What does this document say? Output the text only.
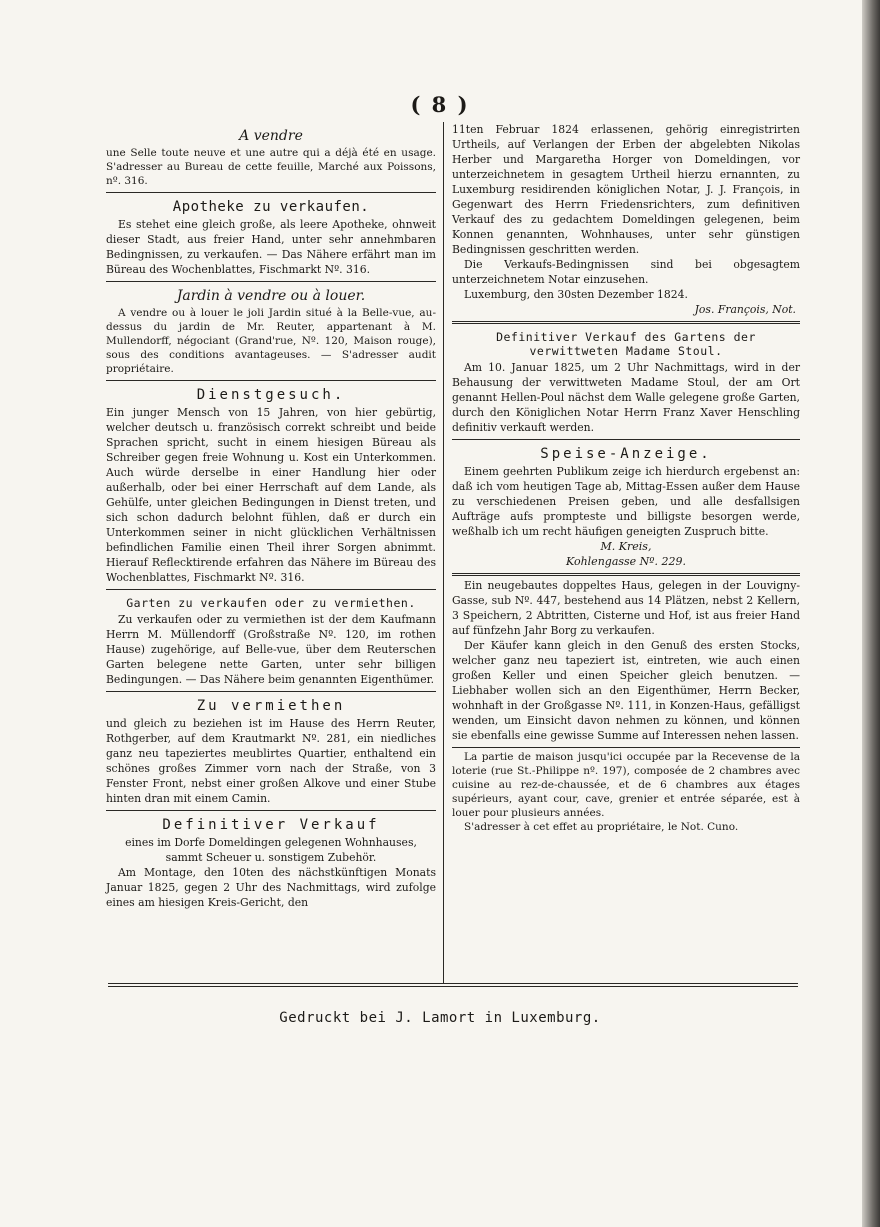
( 8 )
A vendre

une Selle toute neuve et une autre qui a déjà été en usage. S'adresser au Bureau de cette feuille, Marché aux Poissons, nº. 316.

Apotheke zu verkaufen.

Es stehet eine gleich große, als leere Apotheke, ohnweit dieser Stadt, aus freier Hand, unter sehr annehmbaren Bedingnissen, zu verkaufen. — Das Nähere erfährt man im Büreau des Wochenblattes, Fischmarkt Nº. 316.

Jardin à vendre ou à louer.

A vendre ou à louer le joli Jardin situé à la Belle-vue, au-dessus du jardin de Mr. Reuter, appartenant à M. Mullendorff, négociant (Grand'rue, Nº. 120, Maison rouge), sous des conditions avantageuses. — S'adresser audit propriétaire.

Dienstgesuch.

Ein junger Mensch von 15 Jahren, von hier gebürtig, welcher deutsch u. französisch correkt schreibt und beide Sprachen spricht, sucht in einem hiesigen Büreau als Schreiber gegen freie Wohnung u. Kost ein Unterkommen. Auch würde derselbe in einer Handlung hier oder außerhalb, oder bei einer Herrschaft auf dem Lande, als Gehülfe, unter gleichen Bedingungen in Dienst treten, und sich schon dadurch belohnt fühlen, daß er durch ein Unterkommen seiner in nicht glücklichen Verhältnissen befindlichen Familie einen Theil ihrer Sorgen abnimmt. Hierauf Reflecktirende erfahren das Nähere im Büreau des Wochenblattes, Fischmarkt Nº. 316.

Garten zu verkaufen oder zu vermiethen.

Zu verkaufen oder zu vermiethen ist der dem Kaufmann Herrn M. Müllendorff (Großstraße Nº. 120, im rothen Hause) zugehörige, auf Belle-vue, über dem Reuterschen Garten belegene nette Garten, unter sehr billigen Bedingungen. — Das Nähere beim genannten Eigenthümer.

Zu vermiethen

und gleich zu beziehen ist im Hause des Herrn Reuter, Rothgerber, auf dem Krautmarkt Nº. 281, ein niedliches ganz neu tapeziertes meublirtes Quartier, enthaltend ein schönes großes Zimmer vorn nach der Straße, von 3 Fenster Front, nebst einer großen Alkove und einer Stube hinten dran mit einem Camin.

Definitiver Verkauf

eines im Dorfe Domeldingen gelegenen Wohnhauses, sammt Scheuer u. sonstigem Zubehör.

Am Montage, den 10ten des nächstkünftigen Monats Januar 1825, gegen 2 Uhr des Nachmittags, wird zufolge eines am hiesigen Kreis-Gericht, den

11ten Februar 1824 erlassenen, gehörig einregistrirten Urtheils, auf Verlangen der Erben der abgelebten Nikolas Herber und Margaretha Horger von Domeldingen, vor unterzeichnetem in gesagtem Urtheil hierzu ernannten, zu Luxemburg residirenden königlichen Notar, J. J. François, in Gegenwart des Herrn Friedensrichters, zum definitiven Verkauf des zu gedachtem Domeldingen gelegenen, beim Konnen genannten, Wohnhauses, unter sehr günstigen Bedingnissen geschritten werden.

Die Verkaufs-Bedingnissen sind bei obgesagtem unterzeichnetem Notar einzusehen.

Luxemburg, den 30sten Dezember 1824.

Jos. François, Not.
Definitiver Verkauf des Gartens der verwittweten Madame Stoul.

Am 10. Januar 1825, um 2 Uhr Nachmittags, wird in der Behausung der verwittweten Madame Stoul, der am Ort genannt Hellen-Poul nächst dem Walle gelegene große Garten, durch den Königlichen Notar Herrn Franz Xaver Henschling definitiv verkauft werden.

Speise-Anzeige.

Einem geehrten Publikum zeige ich hierdurch ergebenst an: daß ich vom heutigen Tage ab, Mittag-Essen außer dem Hause zu verschiedenen Preisen geben, und alle desfallsigen Aufträge aufs prompteste und billigste besorgen werde, weßhalb ich um recht häufigen geneigten Zuspruch bitte.

M. Kreis,
Kohlengasse Nº. 229.

Ein neugebautes doppeltes Haus, gelegen in der Louvigny-Gasse, sub Nº. 447, bestehend aus 14 Plätzen, nebst 2 Kellern, 3 Speichern, 2 Abtritten, Cisterne und Hof, ist aus freier Hand auf fünfzehn Jahr Borg zu verkaufen.

Der Käufer kann gleich in den Genuß des ersten Stocks, welcher ganz neu tapeziert ist, eintreten, wie auch einen großen Keller und einen Speicher gleich benutzen. — Liebhaber wollen sich an den Eigenthümer, Herrn Becker, wohnhaft in der Großgasse Nº. 111, in Konzen-Haus, gefälligst wenden, um Einsicht davon nehmen zu können, und können sie ebenfalls eine gewisse Summe auf Interessen nehen lassen.

La partie de maison jusqu'ici occupée par la Recevense de la loterie (rue St.-Philippe nº. 197), composée de 2 chambres avec cuisine au rez-de-chaussée, et de 6 chambres aux étages supérieurs, ayant cour, cave, grenier et entrée séparée, est à louer pour plusieurs années.

S'adresser à cet effet au propriétaire, le Not. Cuno.

Gedruckt bei J. Lamort in Luxemburg.
